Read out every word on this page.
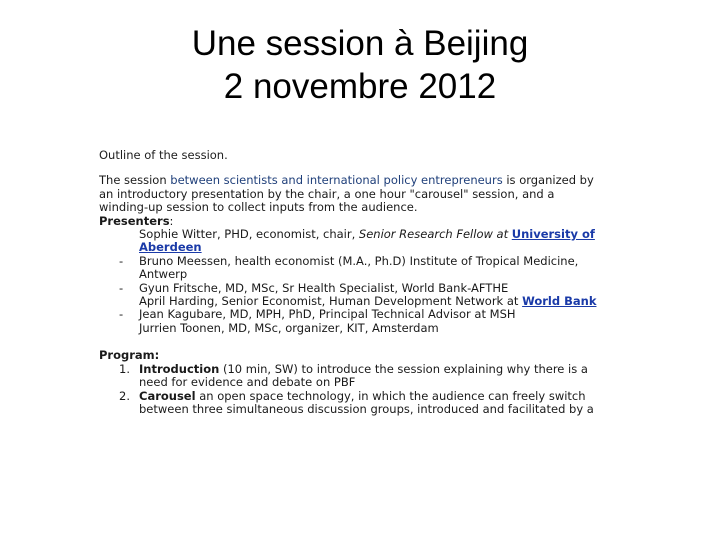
Une session à Beijing
2 novembre 2012

Outline of the session.

The session between scientists and international policy entrepreneurs is organized by an introductory presentation by the chair, a one hour "carousel" session, and a winding-up session to collect inputs from the audience.

Presenters:

Sophie Witter, PHD, economist, chair, Senior Research Fellow at University of Aberdeen
- Bruno Meessen, health economist (M.A., Ph.D) Institute of Tropical Medicine, Antwerp
- Gyun Fritsche, MD, MSc, Sr Health Specialist, World Bank-AFTHE
April Harding, Senior Economist, Human Development Network at World Bank
- Jean Kagubare, MD, MPH, PhD, Principal Technical Advisor at MSH
Jurrien Toonen, MD, MSc, organizer, KIT, Amsterdam

Program:

1. Introduction (10 min, SW) to introduce the session explaining why there is a need for evidence and debate on PBF
2. Carousel an open space technology, in which the audience can freely switch between three simultaneous discussion groups, introduced and facilitated by a
